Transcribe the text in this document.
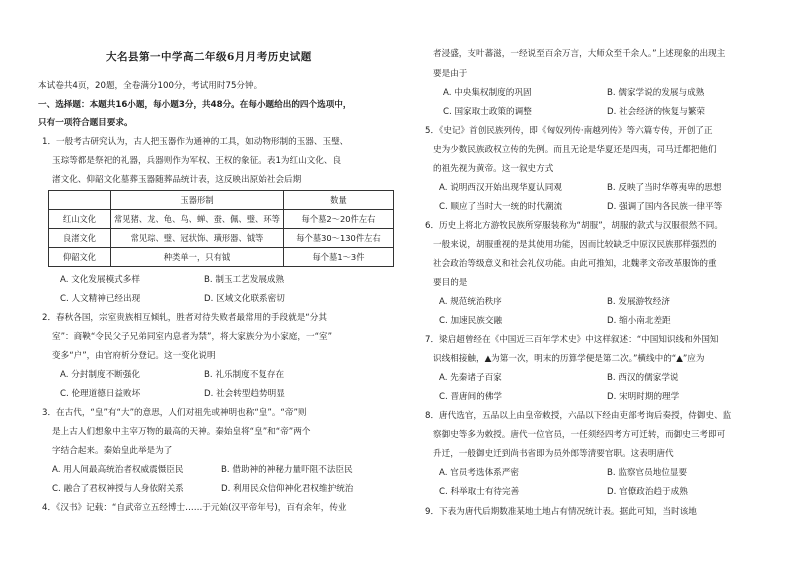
大名县第一中学高二年级6月月考历史试题
本试卷共4页，20题，全卷满分100分，考试用时75分钟。
一、选择题：本题共16小题，每小题3分，共48分。在每小题给出的四个选项中，
只有一项符合题目要求。
1．一般考古研究认为，古人把玉器作为通神的工具，如动物形制的玉器、玉璧、
玉琮等都是祭祀的礼器，兵器则作为军权、王权的象征。表1为红山文化、良
渚文化、仰韶文化墓葬玉器随葬品统计表，这反映出原始社会后期
	玉器形制	数量
红山文化	常见猪、龙、龟、鸟、蝉、蚕、佩、璧、环等	每个墓2～20件左右
良渚文化	常见琮、璧、冠状饰、璜形器、钺等	每个墓30～130件左右
仰韶文化	种类单一，只有钺	每个墓1～3件
A. 文化发展模式多样	B. 制玉工艺发展成熟
C. 人文精神已经出现	D. 区域文化联系密切
2．春秋各国，宗室贵族相互倾轧，胜者对待失败者最常用的手段就是“分其
室”：商鞅“令民父子兄弟同室内息者为禁”，将大家族分为小家庭，一“室”
变多“户”，由官府析分登记。这一变化说明
A. 分封制度不断强化	B. 礼乐制度不复存在
C. 伦理道德日益败坏	D. 社会转型趋势明显
3．在古代，“皇”有“大”的意思，人们对祖先或神明也称“皇”。“帝”则
是上古人们想象中主宰万物的最高的天神。秦始皇将“皇”和“帝”两个
字结合起来。秦始皇此举是为了
A. 用人间最高统治者权威震慑臣民	B. 借助神的神秘力量吓阻不法臣民
C. 融合了君权神授与人身依附关系	D. 利用民众信仰神化君权维护统治
4．《汉书》记载：“自武帝立五经博士……于元始(汉平帝年号)，百有余年，传业
者浸盛，支叶蕃滋，一经说至百余万言，大师众至千余人。”上述现象的出现主
要是由于
A. 中央集权制度的巩固	B. 儒家学说的发展与成熟
C. 国家取士政策的调整	D. 社会经济的恢复与繁荣
5．《史记》首创民族列传，即《匈奴列传·南越列传》等六篇专传，开创了正
史为少数民族政权立传的先例。而且无论是华夏还是四夷，司马迁都把他们
的祖先视为黄帝。这一叙史方式
A. 说明西汉开始出现华夏认同观	B. 反映了当时华尊夷卑的思想
C. 顺应了当时大一统的时代潮流	D. 强调了国内各民族一律平等
6．历史上将北方游牧民族所穿服装称为“胡服”，胡服的款式与汉服很然不同。
一般来说，胡服重视的是其使用功能，因而比较缺乏中原汉民族那样强烈的
社会政治等级意义和社会礼仪功能。由此可推知，北魏孝文帝改革服饰的重
要目的是
A. 规范统治秩序	B. 发展游牧经济
C. 加速民族交融	D. 缩小南北差距
7．梁启超曾经在《中国近三百年学术史》中这样叙述：“中国知识线和外国知
识线相接触，▲为第一次，明末的历算学便是第二次。”横线中的“▲”应为
A. 先秦诸子百家	B. 西汉的儒家学说
C. 晋唐间的佛学	D. 宋明时期的理学
8．唐代选官，五品以上由皇帝敕授，六品以下经由吏部考询后奏授，侍御史、监
察御史等多为敕授。唐代一位官员，一任须经四考方可迁转，而御史三考即可
升迁，一般御史迁到尚书省即为员外郎等清要官职。这表明唐代
A. 官员考选体系严密	B. 监察官员地位显要
C. 科举取士有待完善	D. 官僚政治趋于成熟
9．下表为唐代后期数准某地土地占有情况统计表。据此可知，当时该地
